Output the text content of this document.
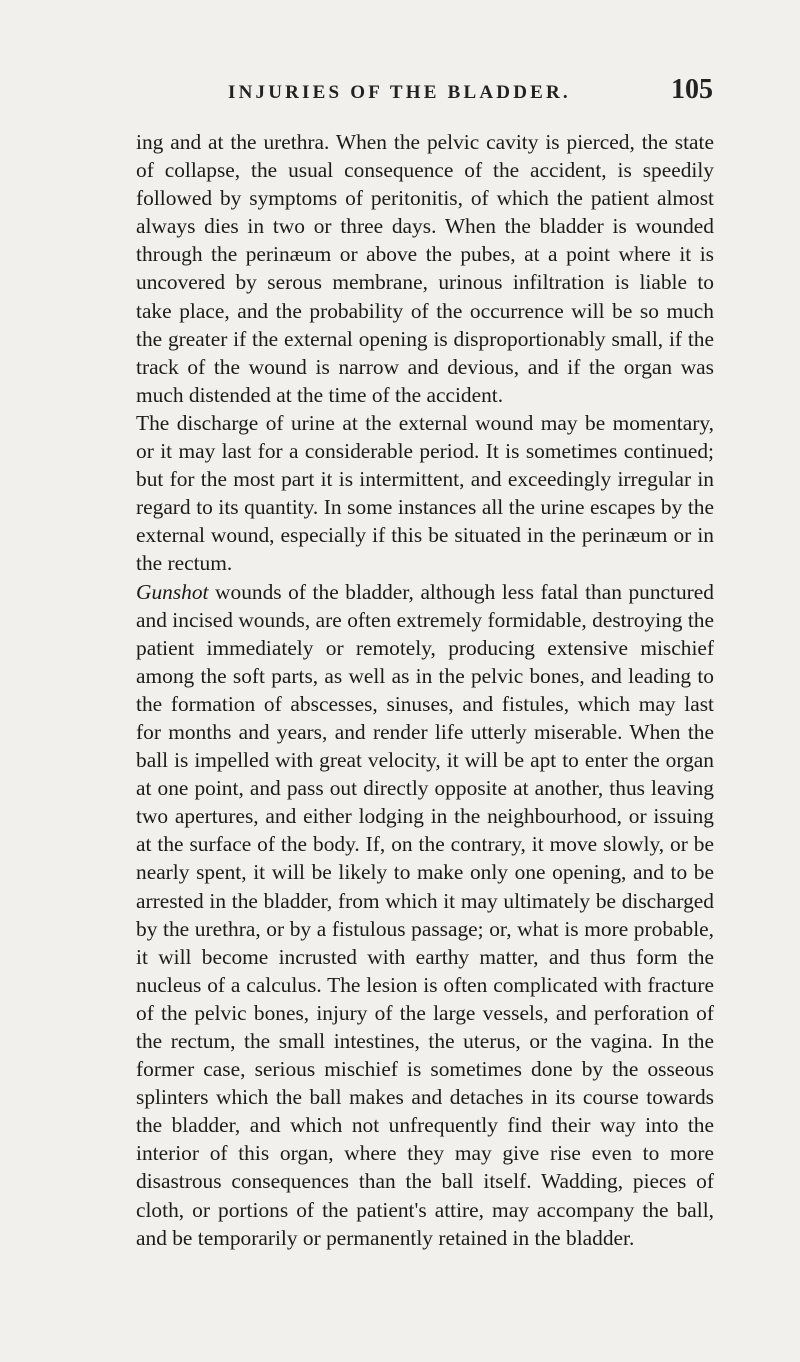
INJURIES OF THE BLADDER.	105

ing and at the urethra. When the pelvic cavity is pierced, the state of collapse, the usual consequence of the accident, is speedily followed by symptoms of peritonitis, of which the patient almost always dies in two or three days. When the bladder is wounded through the perinæum or above the pubes, at a point where it is uncovered by serous membrane, urinous infiltration is liable to take place, and the probability of the occurrence will be so much the greater if the external opening is disproportionably small, if the track of the wound is narrow and devious, and if the organ was much distended at the time of the accident.

The discharge of urine at the external wound may be momentary, or it may last for a considerable period. It is sometimes continued; but for the most part it is intermittent, and exceedingly irregular in regard to its quantity. In some instances all the urine escapes by the external wound, especially if this be situated in the perinæum or in the rectum.

Gunshot wounds of the bladder, although less fatal than punctured and incised wounds, are often extremely formidable, destroying the patient immediately or remotely, producing extensive mischief among the soft parts, as well as in the pelvic bones, and leading to the formation of abscesses, sinuses, and fistules, which may last for months and years, and render life utterly miserable. When the ball is impelled with great velocity, it will be apt to enter the organ at one point, and pass out directly opposite at another, thus leaving two apertures, and either lodging in the neighbourhood, or issuing at the surface of the body. If, on the contrary, it move slowly, or be nearly spent, it will be likely to make only one opening, and to be arrested in the bladder, from which it may ultimately be discharged by the urethra, or by a fistulous passage; or, what is more probable, it will become incrusted with earthy matter, and thus form the nucleus of a calculus. The lesion is often complicated with fracture of the pelvic bones, injury of the large vessels, and perforation of the rectum, the small intestines, the uterus, or the vagina. In the former case, serious mischief is sometimes done by the osseous splinters which the ball makes and detaches in its course towards the bladder, and which not unfrequently find their way into the interior of this organ, where they may give rise even to more disastrous consequences than the ball itself. Wadding, pieces of cloth, or portions of the patient's attire, may accompany the ball, and be temporarily or permanently retained in the bladder.
